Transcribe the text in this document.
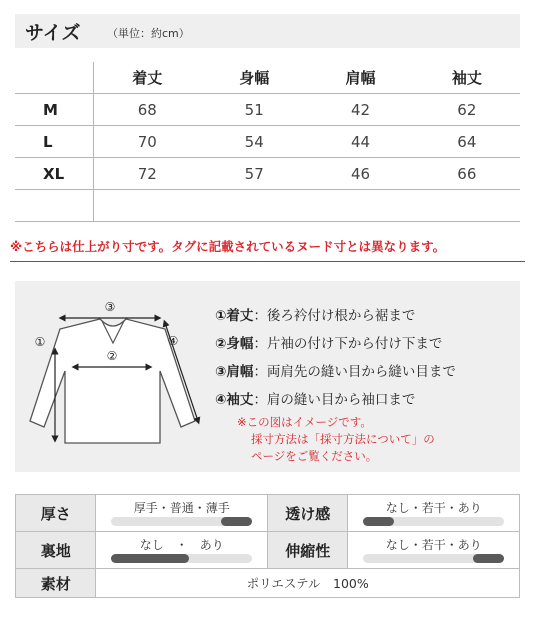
サイズ （単位：約cm）
	着丈	身幅	肩幅	袖丈
M	68	51	42	62
L	70	54	44	64
XL	72	57	46	66

※こちらは仕上がり寸です。タグに記載されているヌード寸とは異なります。
③
②
①	④
①着丈：後ろ衿付け根から裾まで
②身幅：片袖の付け下から付け下まで
③肩幅：両肩先の縫い目から縫い目まで
④袖丈：肩の縫い目から袖口まで
※この図はイメージです。
採寸方法は「採寸方法について」の
ページをご覧ください。
厚さ	厚手・普通・薄手	透け感	なし・若干・あり

裏地	なし　・　あり	伸縮性	なし・若干・あり

素材	ポリエステル　100%		
